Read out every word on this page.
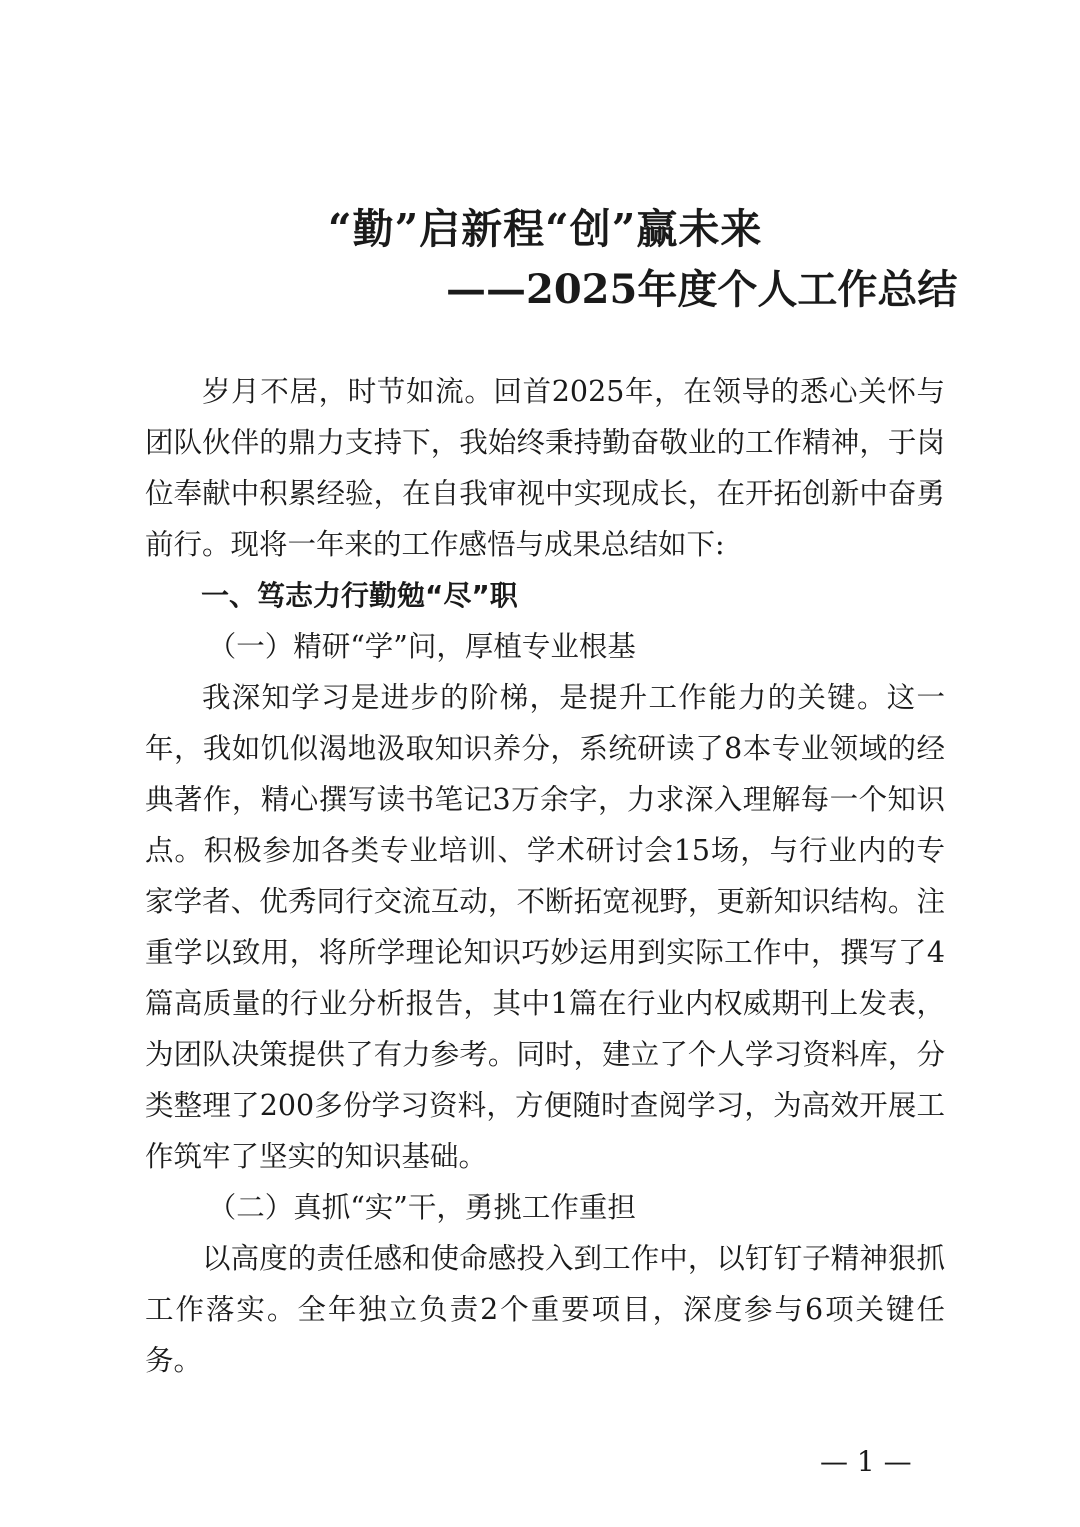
“勤”启新程“创”赢未来
——2025年度个人工作总结

岁月不居，时节如流。回首2025年，在领导的悉心关怀与团队伙伴的鼎力支持下，我始终秉持勤奋敬业的工作精神，于岗位奉献中积累经验，在自我审视中实现成长，在开拓创新中奋勇前行。现将一年来的工作感悟与成果总结如下:

一、笃志力行勤勉“尽”职

（一）精研“学”问，厚植专业根基

我深知学习是进步的阶梯，是提升工作能力的关键。这一年，我如饥似渴地汲取知识养分，系统研读了8本专业领域的经典著作，精心撰写读书笔记3万余字，力求深入理解每一个知识点。积极参加各类专业培训、学术研讨会15场，与行业内的专家学者、优秀同行交流互动，不断拓宽视野，更新知识结构。注重学以致用，将所学理论知识巧妙运用到实际工作中，撰写了4篇高质量的行业分析报告，其中1篇在行业内权威期刊上发表，为团队决策提供了有力参考。同时，建立了个人学习资料库，分类整理了200多份学习资料，方便随时查阅学习，为高效开展工作筑牢了坚实的知识基础。

（二）真抓“实”干，勇挑工作重担

以高度的责任感和使命感投入到工作中，以钉钉子精神狠抓工作落实。全年独立负责2个重要项目，深度参与6项关键任务。

— 1 —
